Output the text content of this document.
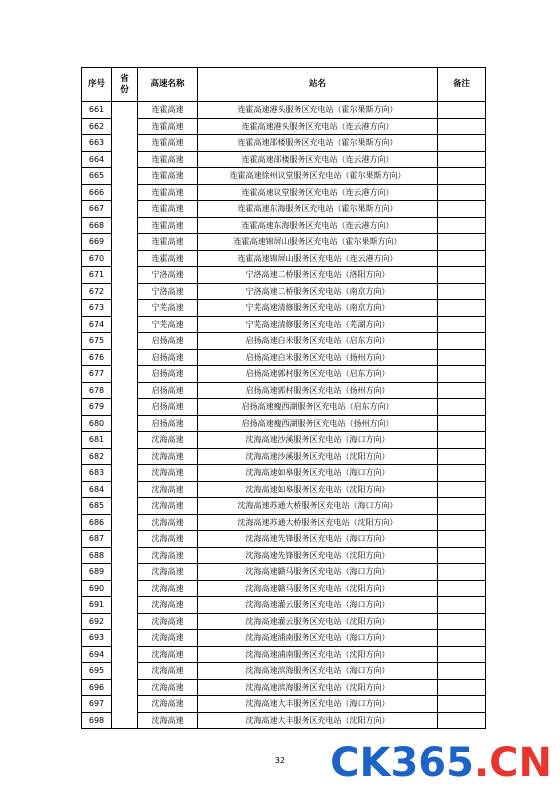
序号	省份	高速名称	站名	备注
661		连霍高速	连霍高速港头服务区充电站（霍尔果斯方向）	
662		连霍高速	连霍高速港头服务区充电站（连云港方向）	
663		连霍高速	连霍高速邵楼服务区充电站（霍尔果斯方向）	
664		连霍高速	连霍高速邵楼服务区充电站（连云港方向）	
665		连霍高速	连霍高速徐州议堂服务区充电站（霍尔果斯方向）	
666		连霍高速	连霍高速议堂服务区充电站（连云港方向）	
667		连霍高速	连霍高速东海服务区充电站（霍尔果斯方向）	
668		连霍高速	连霍高速东海服务区充电站（连云港方向）	
669		连霍高速	连霍高速锦屏山服务区充电站（霍尔果斯方向）	
670		连霍高速	连霍高速锦屏山服务区充电站（连云港方向）	
671		宁洛高速	宁洛高速二桥服务区充电站（洛阳方向）	
672		宁洛高速	宁洛高速二桥服务区充电站（南京方向）	
673		宁芜高速	宁芜高速清修服务区充电站（南京方向）	
674		宁芜高速	宁芜高速清修服务区充电站（芜湖方向）	
675		启扬高速	启扬高速白米服务区充电站（启东方向）	
676		启扬高速	启扬高速白米服务区充电站（扬州方向）	
677		启扬高速	启扬高速郭村服务区充电站（启东方向）	
678		启扬高速	启扬高速郭村服务区充电站（扬州方向）	
679		启扬高速	启扬高速瘦西湖服务区充电站（启东方向）	
680		启扬高速	启扬高速瘦西湖服务区充电站（扬州方向）	
681		沈海高速	沈海高速沙溪服务区充电站（海口方向）	
682		沈海高速	沈海高速沙溪服务区充电站（沈阳方向）	
683		沈海高速	沈海高速如皋服务区充电站（海口方向）	
684		沈海高速	沈海高速如皋服务区充电站（沈阳方向）	
685		沈海高速	沈海高速苏通大桥服务区充电站（海口方向）	
686		沈海高速	沈海高速苏通大桥服务区充电站（沈阳方向）	
687		沈海高速	沈海高速先锋服务区充电站（海口方向）	
688		沈海高速	沈海高速先锋服务区充电站（沈阳方向）	
689		沈海高速	沈海高速赣马服务区充电站（海口方向）	
690		沈海高速	沈海高速赣马服务区充电站（沈阳方向）	
691		沈海高速	沈海高速灌云服务区充电站（海口方向）	
692		沈海高速	沈海高速灌云服务区充电站（沈阳方向）	
693		沈海高速	沈海高速浦南服务区充电站（海口方向）	
694		沈海高速	沈海高速浦南服务区充电站（沈阳方向）	
695		沈海高速	沈海高速滨海服务区充电站（海口方向）	
696		沈海高速	沈海高速滨海服务区充电站（沈阳方向）	
697		沈海高速	沈海高速大丰服务区充电站（海口方向）	
698		沈海高速	沈海高速大丰服务区充电站（沈阳方向）	
32	CK365.CN
